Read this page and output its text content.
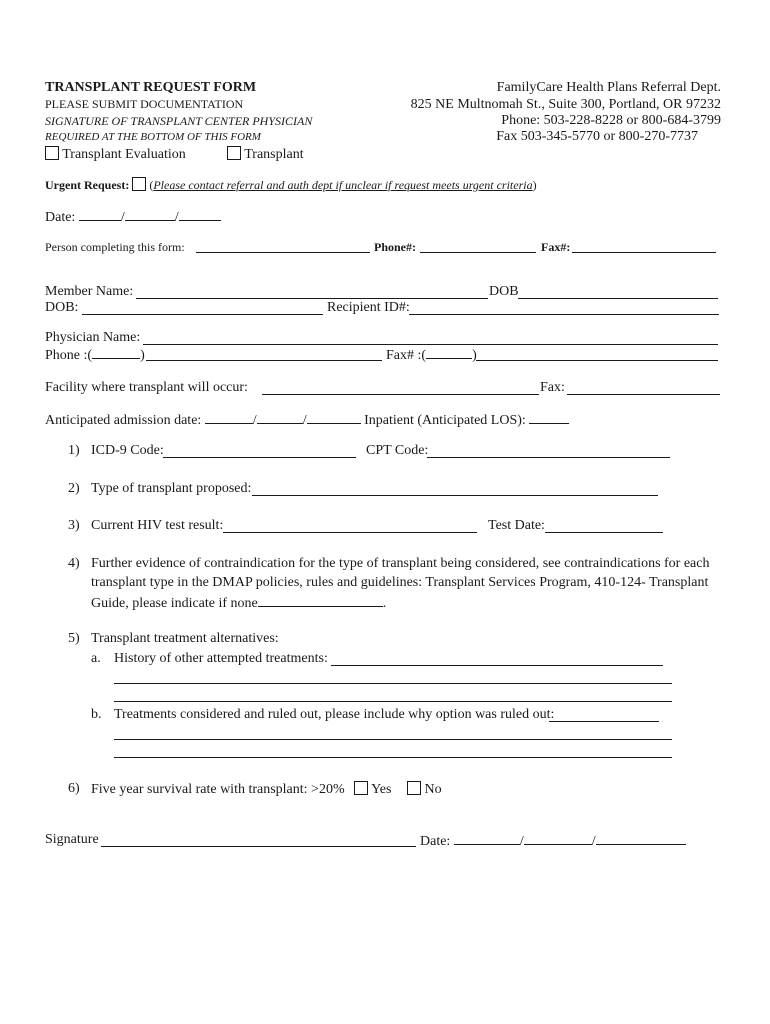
TRANSPLANT REQUEST FORM
PLEASE SUBMIT DOCUMENTATION
SIGNATURE OF TRANSPLANT CENTER PHYSICIAN
REQUIRED AT THE BOTTOM OF THIS FORM
Transplant Evaluation	Transplant
FamilyCare Health Plans Referral Dept.
825 NE Multnomah St., Suite 300, Portland, OR 97232
Phone: 503-228-8228 or 800-684-3799
Fax 503-345-5770 or 800-270-7737
Urgent Request: (Please contact referral and auth dept if unclear if request meets urgent criteria)
Date:	/	/
Person completing this form:	Phone#:	Fax#:
Member Name:	DOB
DOB:	Recipient ID#:
Physician Name:
Phone :(	)	Fax# :(	)
Facility where transplant will occur:	Fax:
Anticipated admission date:	/	/	Inpatient (Anticipated LOS):
1) ICD-9 Code:	CPT Code:
2) Type of transplant proposed:
3) Current HIV test result:	Test Date:
4) Further evidence of contraindication for the type of transplant being considered, see contraindications for each
transplant type in the DMAP policies, rules and guidelines: Transplant Services Program, 410-124- Transplant
Guide, please indicate if none	.
5) Transplant treatment alternatives:
a. History of other attempted treatments:
b. Treatments considered and ruled out, please include why option was ruled out:
6) Five year survival rate with transplant: >20% Yes No
Signature	Date:	/	/
